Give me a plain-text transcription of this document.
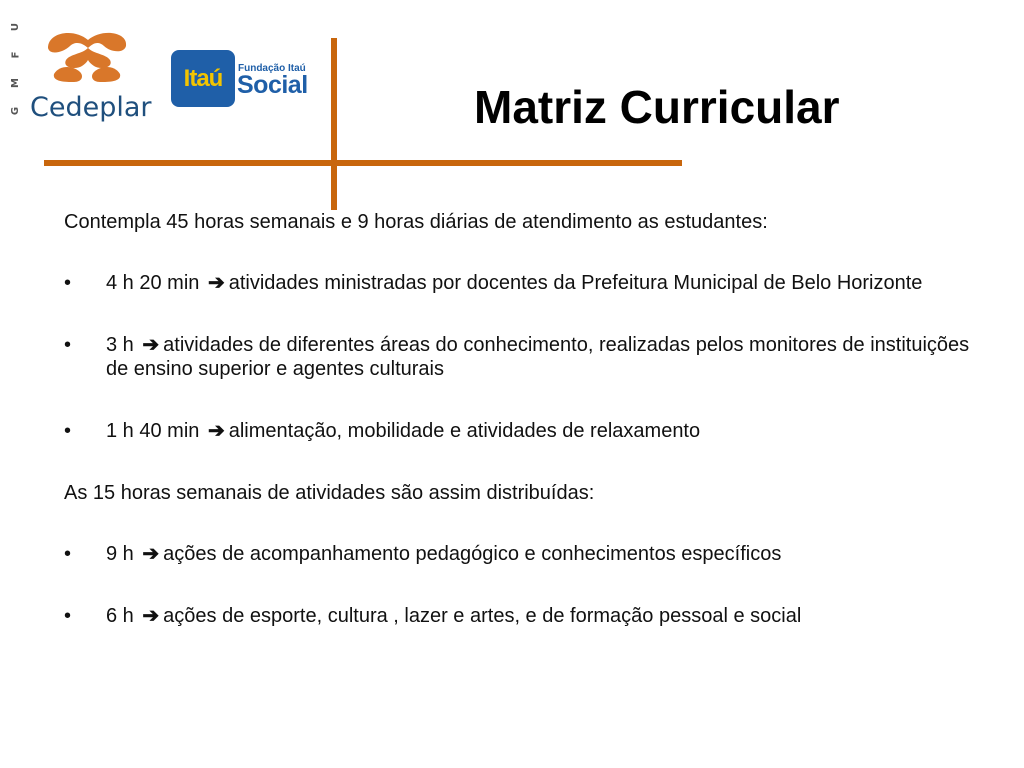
U
F
M
G Cedeplar
Itaú	Fundação Itaú
Social	Matriz Curricular

Contempla 45 horas semanais e 9 horas diárias de atendimento as estudantes:

• 4 h 20 min ➔ atividades ministradas por docentes da Prefeitura Municipal de Belo Horizonte

• 3 h ➔ atividades de diferentes áreas do conhecimento, realizadas pelos monitores de instituições de ensino superior e agentes culturais

• 1 h 40 min ➔ alimentação, mobilidade e atividades de relaxamento

As 15 horas semanais de atividades são assim distribuídas:

• 9 h ➔ ações de acompanhamento pedagógico e conhecimentos específicos

• 6 h ➔ ações de esporte, cultura , lazer e artes, e de formação pessoal e social
